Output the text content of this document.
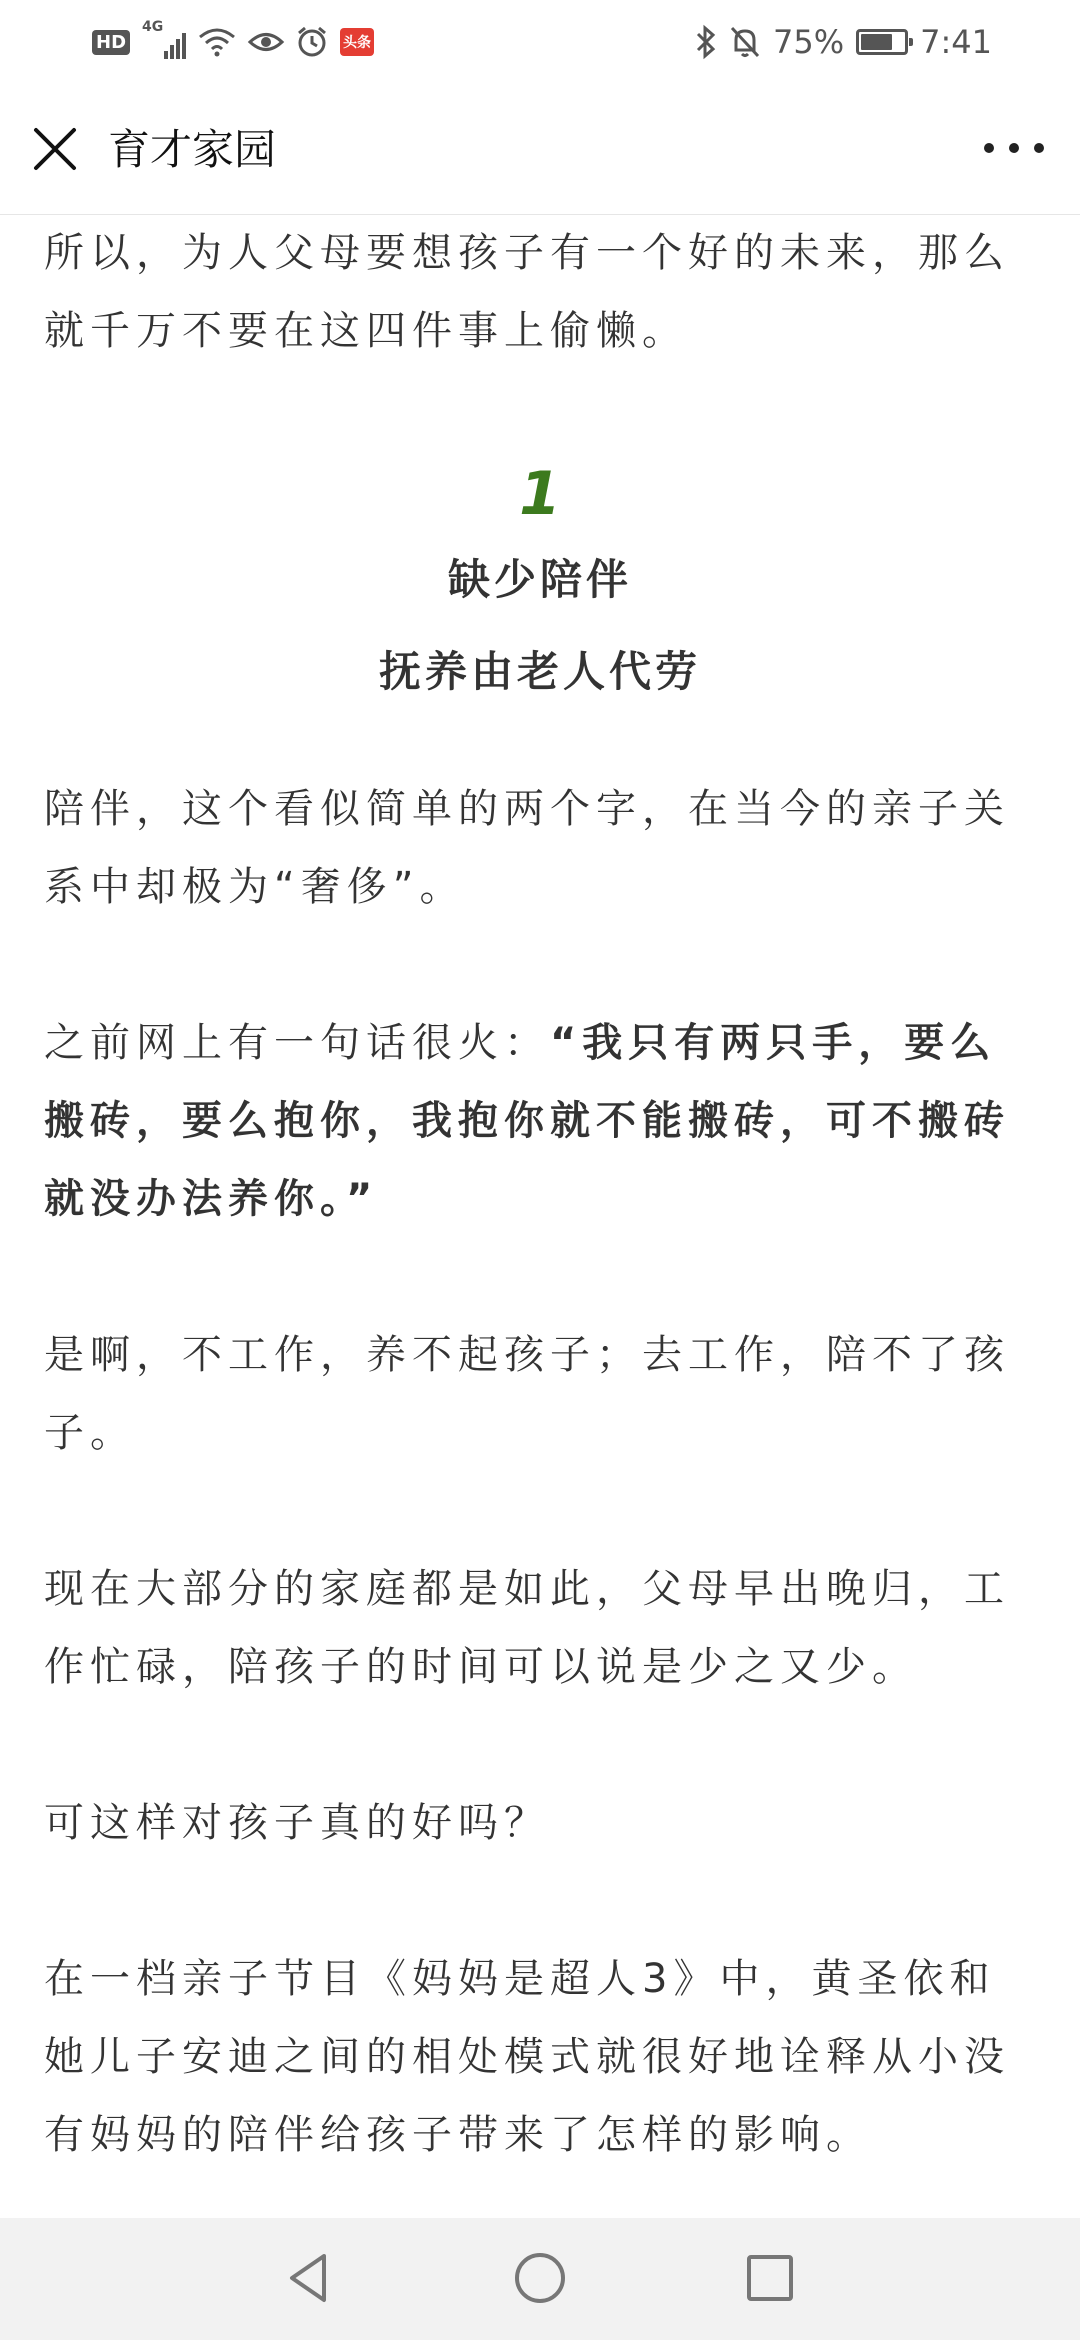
HD
4G
头条	75% 7:41
育才家园

所以，为人父母要想孩子有一个好的未来，那么就千万不要在这四件事上偷懒。

1

缺少陪伴

抚养由老人代劳

陪伴，这个看似简单的两个字，在当今的亲子关系中却极为“奢侈”。

之前网上有一句话很火：“我只有两只手，要么搬砖，要么抱你，我抱你就不能搬砖，可不搬砖就没办法养你。”

是啊，不工作，养不起孩子；去工作，陪不了孩子。

现在大部分的家庭都是如此，父母早出晚归，工作忙碌，陪孩子的时间可以说是少之又少。

可这样对孩子真的好吗？

在一档亲子节目《妈妈是超人3》中，黄圣依和她儿子安迪之间的相处模式就很好地诠释从小没有妈妈的陪伴给孩子带来了怎样的影响。
